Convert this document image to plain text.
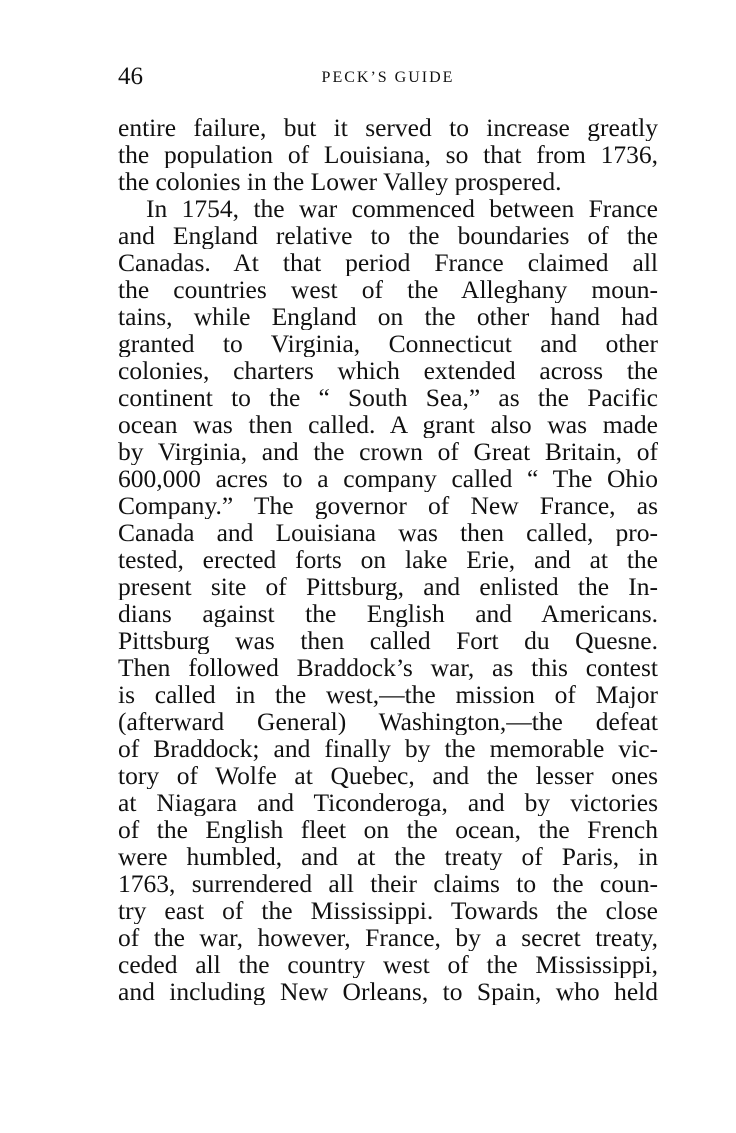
46	PECK’S GUIDE
entire failure, but it served to increase greatly
the population of Louisiana, so that from 1736,
the colonies in the Lower Valley prospered.
In 1754, the war commenced between France
and England relative to the boundaries of the
Canadas. At that period France claimed all
the countries west of the Alleghany moun-
tains, while England on the other hand had
granted to Virginia, Connecticut and other
colonies, charters which extended across the
continent to the “ South Sea,” as the Pacific
ocean was then called. A grant also was made
by Virginia, and the crown of Great Britain, of
600,000 acres to a company called “ The Ohio
Company.” The governor of New France, as
Canada and Louisiana was then called, pro-
tested, erected forts on lake Erie, and at the
present site of Pittsburg, and enlisted the In-
dians against the English and Americans.
Pittsburg was then called Fort du Quesne.
Then followed Braddock’s war, as this contest
is called in the west,—the mission of Major
(afterward General) Washington,—the defeat
of Braddock; and finally by the memorable vic-
tory of Wolfe at Quebec, and the lesser ones
at Niagara and Ticonderoga, and by victories
of the English fleet on the ocean, the French
were humbled, and at the treaty of Paris, in
1763, surrendered all their claims to the coun-
try east of the Mississippi. Towards the close
of the war, however, France, by a secret treaty,
ceded all the country west of the Mississippi,
and including New Orleans, to Spain, who held
